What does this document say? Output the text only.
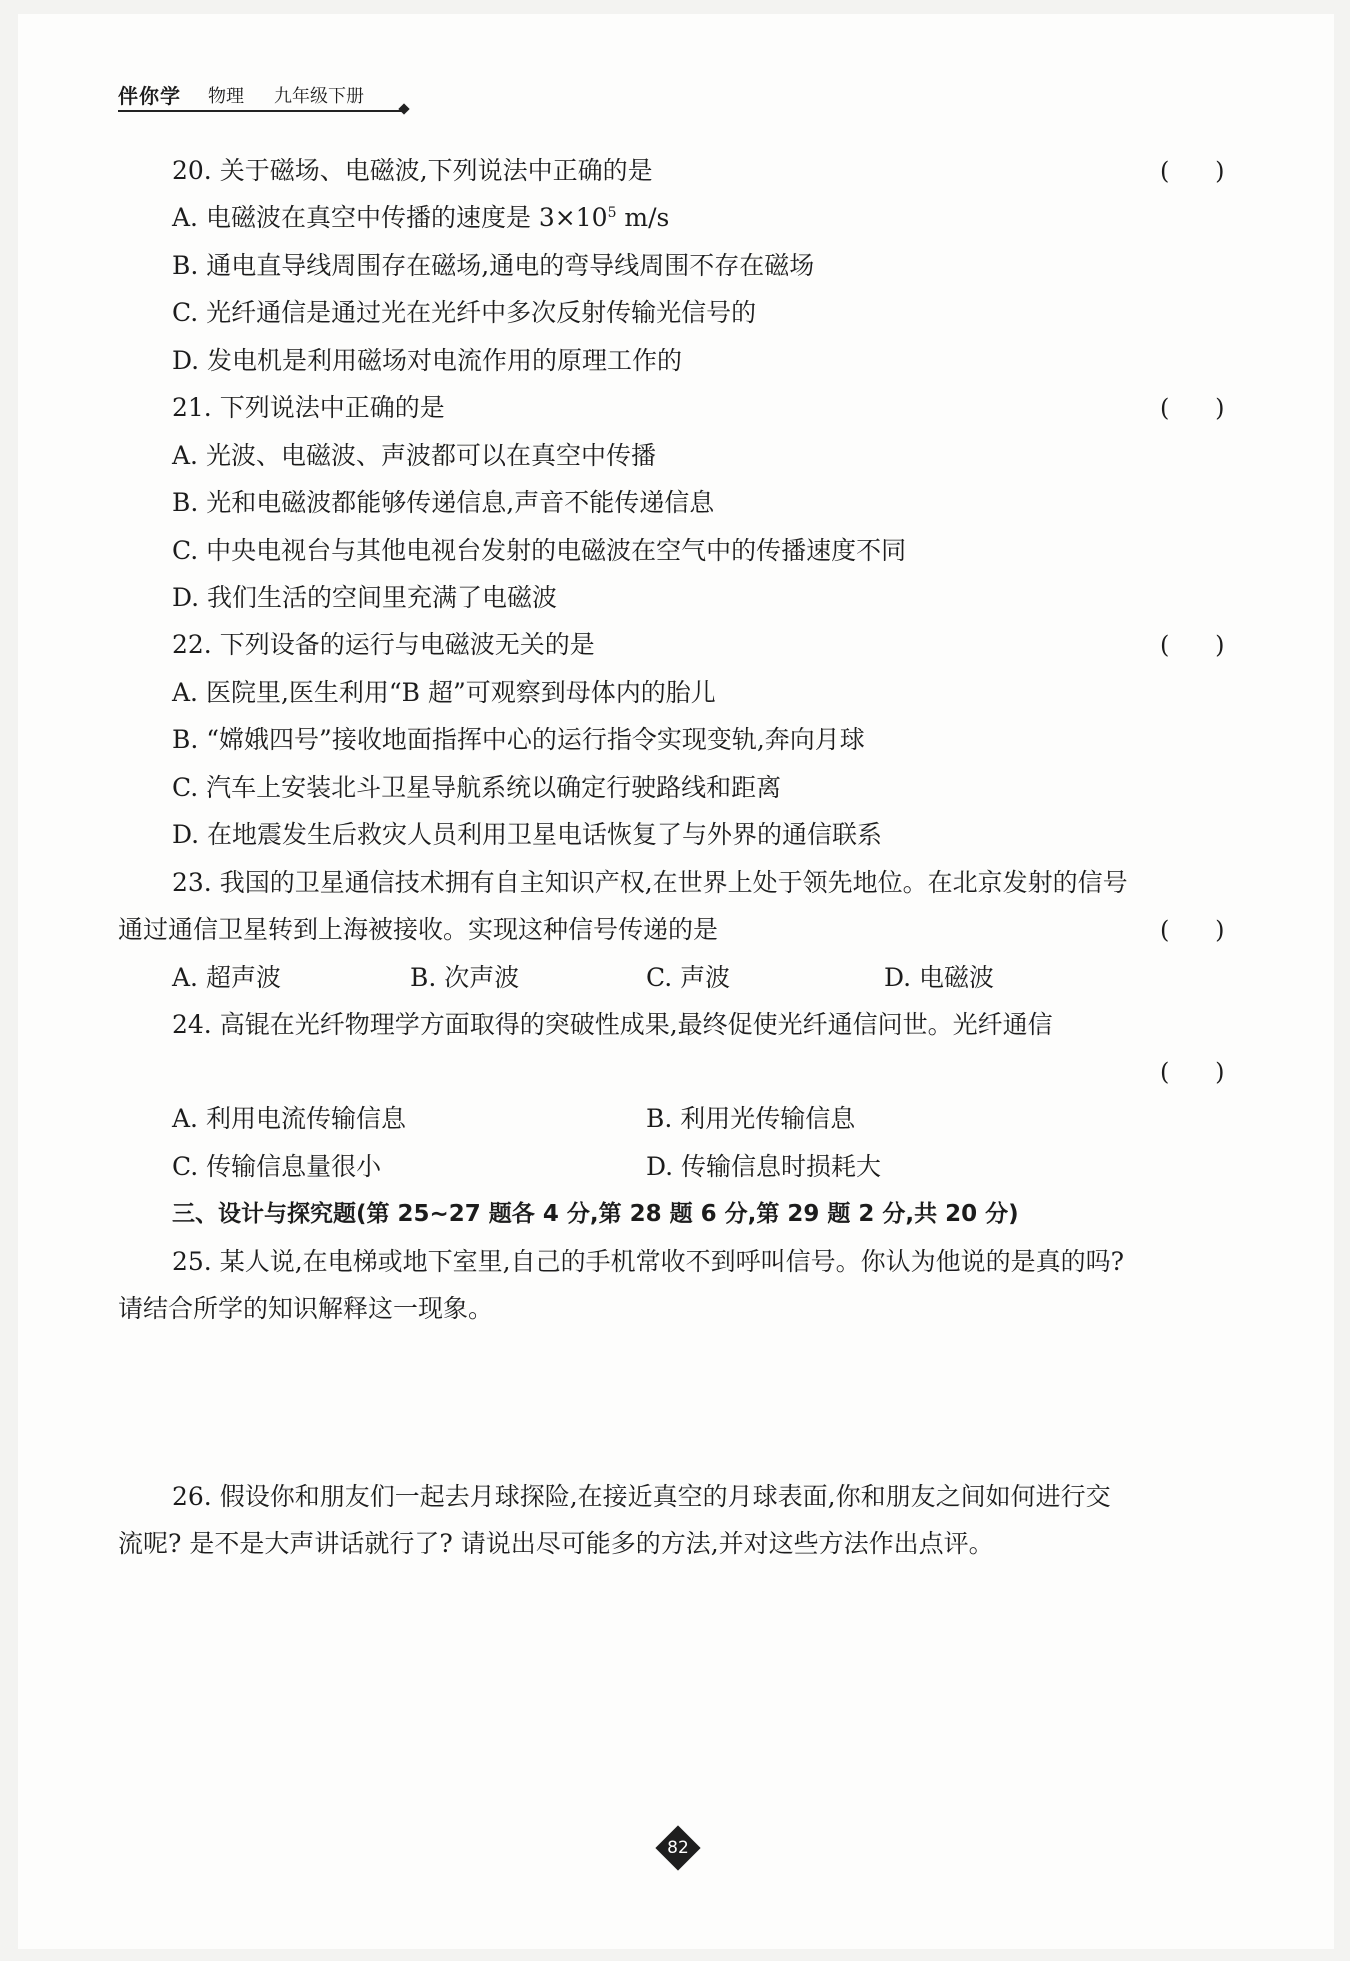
伴你学 物理 九年级下册
20. 关于磁场、电磁波,下列说法中正确的是	(      )
A. 电磁波在真空中传播的速度是 $3\times 10^5$ m/s
B. 通电直导线周围存在磁场,通电的弯导线周围不存在磁场
C. 光纤通信是通过光在光纤中多次反射传输光信号的
D. 发电机是利用磁场对电流作用的原理工作的
21. 下列说法中正确的是	(      )
A. 光波、电磁波、声波都可以在真空中传播
B. 光和电磁波都能够传递信息,声音不能传递信息
C. 中央电视台与其他电视台发射的电磁波在空气中的传播速度不同
D. 我们生活的空间里充满了电磁波
22. 下列设备的运行与电磁波无关的是	(      )
A. 医院里,医生利用“B 超”可观察到母体内的胎儿
B. “嫦娥四号”接收地面指挥中心的运行指令实现变轨,奔向月球
C. 汽车上安装北斗卫星导航系统以确定行驶路线和距离
D. 在地震发生后救灾人员利用卫星电话恢复了与外界的通信联系
23. 我国的卫星通信技术拥有自主知识产权,在世界上处于领先地位。在北京发射的信号
通过通信卫星转到上海被接收。实现这种信号传递的是	(      )
A. 超声波	B. 次声波	C. 声波	D. 电磁波
24. 高锟在光纤物理学方面取得的突破性成果,最终促使光纤通信问世。光纤通信
(      )
A. 利用电流传输信息	B. 利用光传输信息
C. 传输信息量很小	D. 传输信息时损耗大
三、设计与探究题(第 25~27 题各 4 分,第 28 题 6 分,第 29 题 2 分,共 20 分)
25. 某人说,在电梯或地下室里,自己的手机常收不到呼叫信号。你认为他说的是真的吗?
请结合所学的知识解释这一现象。
26. 假设你和朋友们一起去月球探险,在接近真空的月球表面,你和朋友之间如何进行交
流呢? 是不是大声讲话就行了? 请说出尽可能多的方法,并对这些方法作出点评。
82
